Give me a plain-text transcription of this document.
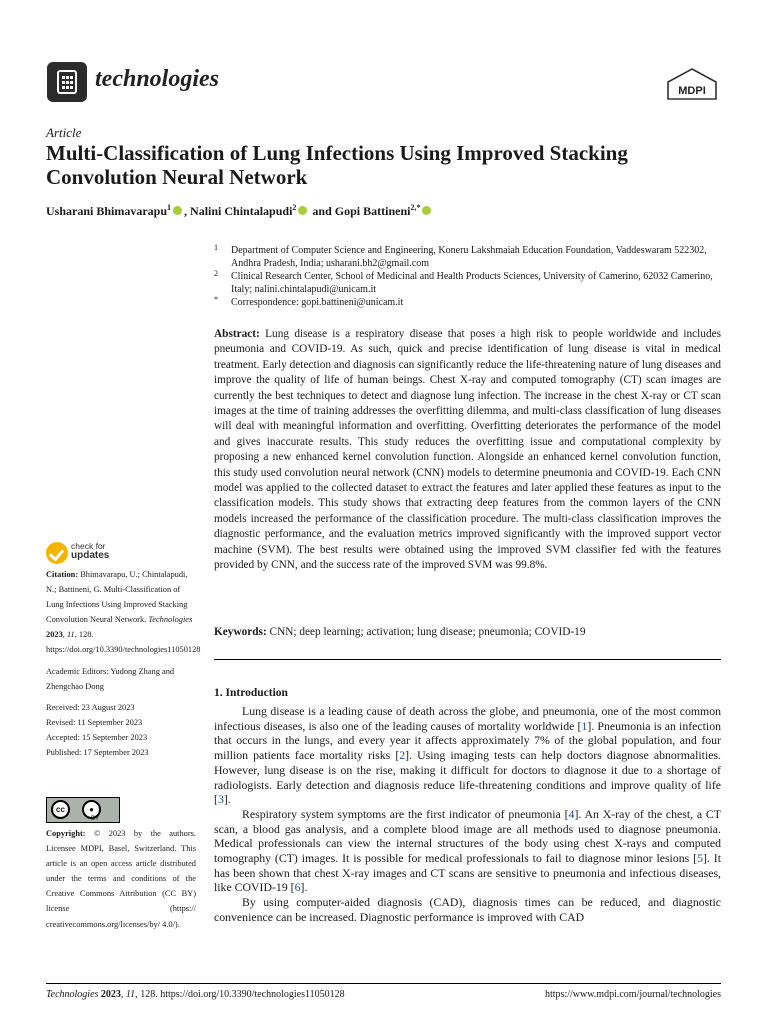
technologies	MDPI
Article
Multi-Classification of Lung Infections Using Improved Stacking Convolution Neural Network
Usharani Bhimavarapu$^1$ , Nalini Chintalapudi$^2$ and Gopi Battineni$^{2,*}$
1 Department of Computer Science and Engineering, Koneru Lakshmaiah Education Foundation, Vaddeswaram 522302, Andhra Pradesh, India; usharani.bh2@gmail.com
2 Clinical Research Center, School of Medicinal and Health Products Sciences, University of Camerino, 62032 Camerino, Italy; nalini.chintalapudi@unicam.it
* Correspondence: gopi.battineni@unicam.it
Abstract: Lung disease is a respiratory disease that poses a high risk to people worldwide and includes pneumonia and COVID-19. As such, quick and precise identification of lung disease is vital in medical treatment. Early detection and diagnosis can significantly reduce the life-threatening nature of lung diseases and improve the quality of life of human beings. Chest X-ray and computed tomography (CT) scan images are currently the best techniques to detect and diagnose lung infection. The increase in the chest X-ray or CT scan images at the time of training addresses the overfitting dilemma, and multi-class classification of lung diseases will deal with meaningful information and overfitting. Overfitting deteriorates the performance of the model and gives inaccurate results. This study reduces the overfitting issue and computational complexity by proposing a new enhanced kernel convolution function. Alongside an enhanced kernel convolution function, this study used convolution neural network (CNN) models to determine pneumonia and COVID-19. Each CNN model was applied to the collected dataset to extract the features and later applied these features as input to the classification models. This study shows that extracting deep features from the common layers of the CNN models increased the performance of the classification procedure. The multi-class classification improves the diagnostic performance, and the evaluation metrics improved significantly with the improved support vector machine (SVM). The best results were obtained using the improved SVM classifier fed with the features provided by CNN, and the success rate of the improved SVM was 99.8%.
Keywords: CNN; deep learning; activation; lung disease; pneumonia; COVID-19
check for
updates
Citation: Bhimavarapu, U.; Chintalapudi, N.; Battineni, G. Multi-Classification of Lung Infections Using Improved Stacking Convolution Neural Network. Technologies 2023, 11, 128. https://doi.org/10.3390/technologies11050128
Academic Editors: Yudong Zhang and Zhengchao Dong
Received: 23 August 2023
Revised: 11 September 2023
Accepted: 15 September 2023
Published: 17 September 2023
cc	●
BY
Copyright: © 2023 by the authors. Licensee MDPI, Basel, Switzerland. This article is an open access article distributed under the terms and conditions of the Creative Commons Attribution (CC BY) license (https:// creativecommons.org/licenses/by/ 4.0/).
1. Introduction

Lung disease is a leading cause of death across the globe, and pneumonia, one of the most common infectious diseases, is also one of the leading causes of mortality worldwide [1]. Pneumonia is an infection that occurs in the lungs, and every year it affects approximately 7% of the global population, and four million patients face mortality risks [2]. Using imaging tests can help doctors diagnose abnormalities. However, lung disease is on the rise, making it difficult for doctors to diagnose it due to a shortage of radiologists. Early detection and diagnosis reduce life-threatening conditions and improve quality of life [3].

Respiratory system symptoms are the first indicator of pneumonia [4]. An X-ray of the chest, a CT scan, a blood gas analysis, and a complete blood image are all methods used to diagnose pneumonia. Medical professionals can view the internal structures of the body using chest X-rays and computed tomography (CT) images. It is possible for medical professionals to fail to diagnose minor lesions [5]. It has been shown that chest X-ray images and CT scans are sensitive to pneumonia and infectious diseases, like COVID-19 [6].

By using computer-aided diagnosis (CAD), diagnosis times can be reduced, and diagnostic convenience can be increased. Diagnostic performance is improved with CAD

Technologies 2023, 11, 128. https://doi.org/10.3390/technologies11050128	https://www.mdpi.com/journal/technologies
